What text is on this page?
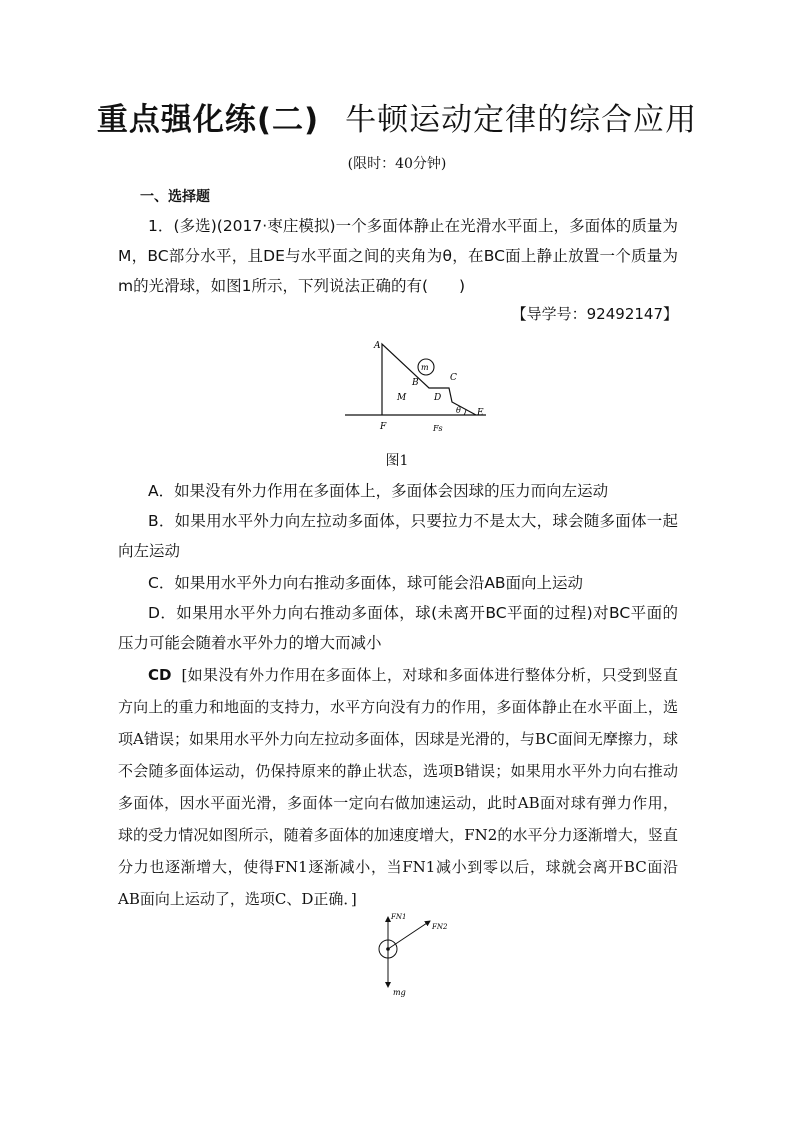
重点强化练(二) 牛顿运动定律的综合应用
(限时：40分钟)
一、选择题
1．(多选)(2017·枣庄模拟)一个多面体静止在光滑水平面上，多面体的质量为M，BC部分水平，且DE与水平面之间的夹角为θ，在BC面上静止放置一个质量为m的光滑球，如图1所示，下列说法正确的有(　　)
【导学号：92492147】
A
m
B	C
M	D
θ E
F	Fs
图1
A．如果没有外力作用在多面体上，多面体会因球的压力而向左运动
B．如果用水平外力向左拉动多面体，只要拉力不是太大，球会随多面体一起向左运动
C．如果用水平外力向右推动多面体，球可能会沿AB面向上运动
D．如果用水平外力向右推动多面体，球(未离开BC平面的过程)对BC平面的压力可能会随着水平外力的增大而减小
CD [如果没有外力作用在多面体上，对球和多面体进行整体分析，只受到竖直方向上的重力和地面的支持力，水平方向没有力的作用，多面体静止在水平面上，选项A错误；如果用水平外力向左拉动多面体，因球是光滑的，与BC面间无摩擦力，球不会随多面体运动，仍保持原来的静止状态，选项B错误；如果用水平外力向右推动多面体，因水平面光滑，多面体一定向右做加速运动，此时AB面对球有弹力作用，球的受力情况如图所示，随着多面体的加速度增大，FN2的水平分力逐渐增大，竖直分力也逐渐增大，使得FN1逐渐减小，当FN1减小到零以后，球就会离开BC面沿AB面向上运动了，选项C、D正确．]
FN1
FN2
mg
